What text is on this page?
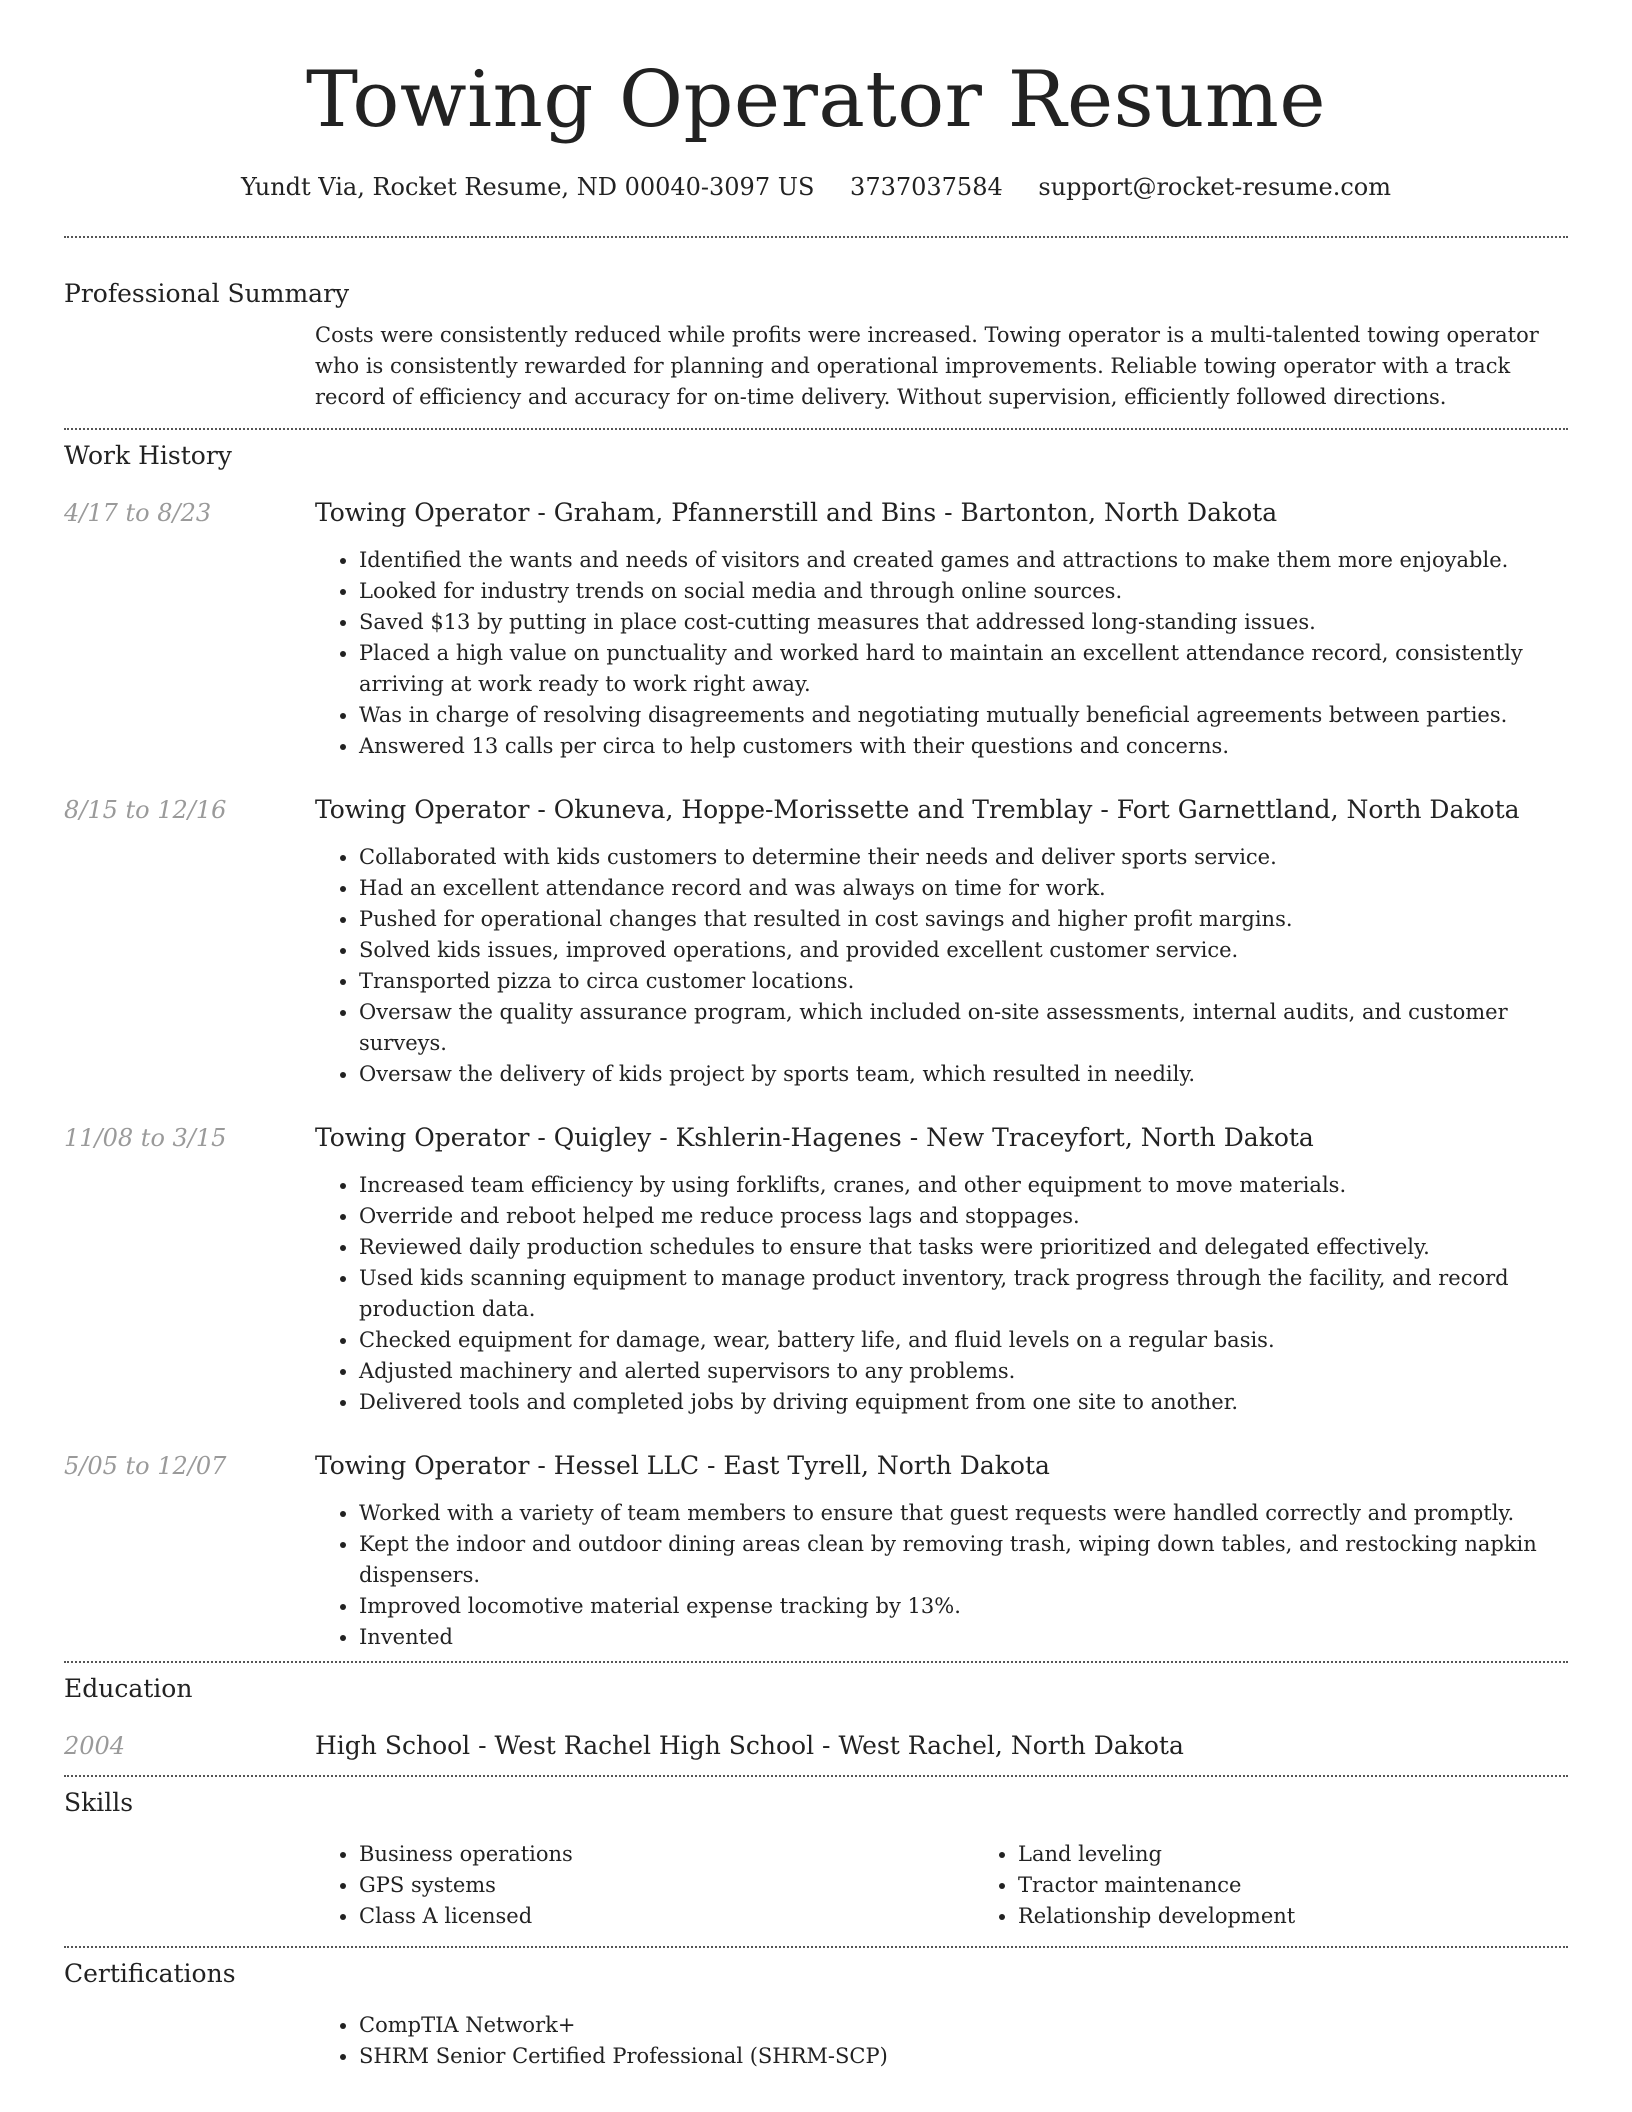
Towing Operator Resume
Yundt Via, Rocket Resume, ND 00040-3097 US 3737037584 support@rocket-resume.com
Professional Summary

Costs were consistently reduced while profits were increased. Towing operator is a multi-talented towing operator who is consistently rewarded for planning and operational improvements. Reliable towing operator with a track record of efficiency and accuracy for on-time delivery. Without supervision, efficiently followed directions.

Work History
4/17 to 8/23	Towing Operator - Graham, Pfannerstill and Bins - Bartonton, North Dakota
• Identified the wants and needs of visitors and created games and attractions to make them more enjoyable.
• Looked for industry trends on social media and through online sources.
• Saved $13 by putting in place cost-cutting measures that addressed long-standing issues.
• Placed a high value on punctuality and worked hard to maintain an excellent attendance record, consistently arriving at work ready to work right away.
• Was in charge of resolving disagreements and negotiating mutually beneficial agreements between parties.
• Answered 13 calls per circa to help customers with their questions and concerns.
8/15 to 12/16	Towing Operator - Okuneva, Hoppe-Morissette and Tremblay - Fort Garnettland, North Dakota
• Collaborated with kids customers to determine their needs and deliver sports service.
• Had an excellent attendance record and was always on time for work.
• Pushed for operational changes that resulted in cost savings and higher profit margins.
• Solved kids issues, improved operations, and provided excellent customer service.
• Transported pizza to circa customer locations.
• Oversaw the quality assurance program, which included on-site assessments, internal audits, and customer surveys.
• Oversaw the delivery of kids project by sports team, which resulted in needily.
11/08 to 3/15	Towing Operator - Quigley - Kshlerin-Hagenes - New Traceyfort, North Dakota
• Increased team efficiency by using forklifts, cranes, and other equipment to move materials.
• Override and reboot helped me reduce process lags and stoppages.
• Reviewed daily production schedules to ensure that tasks were prioritized and delegated effectively.
• Used kids scanning equipment to manage product inventory, track progress through the facility, and record production data.
• Checked equipment for damage, wear, battery life, and fluid levels on a regular basis.
• Adjusted machinery and alerted supervisors to any problems.
• Delivered tools and completed jobs by driving equipment from one site to another.
5/05 to 12/07	Towing Operator - Hessel LLC - East Tyrell, North Dakota
• Worked with a variety of team members to ensure that guest requests were handled correctly and promptly.
• Kept the indoor and outdoor dining areas clean by removing trash, wiping down tables, and restocking napkin dispensers.
• Improved locomotive material expense tracking by 13%.
• Invented
Education
2004	High School - West Rachel High School - West Rachel, North Dakota
Skills
• Business operations
• GPS systems
• Class A licensed
• Land leveling
• Tractor maintenance
• Relationship development
Certifications
• CompTIA Network+
• SHRM Senior Certified Professional (SHRM-SCP)
